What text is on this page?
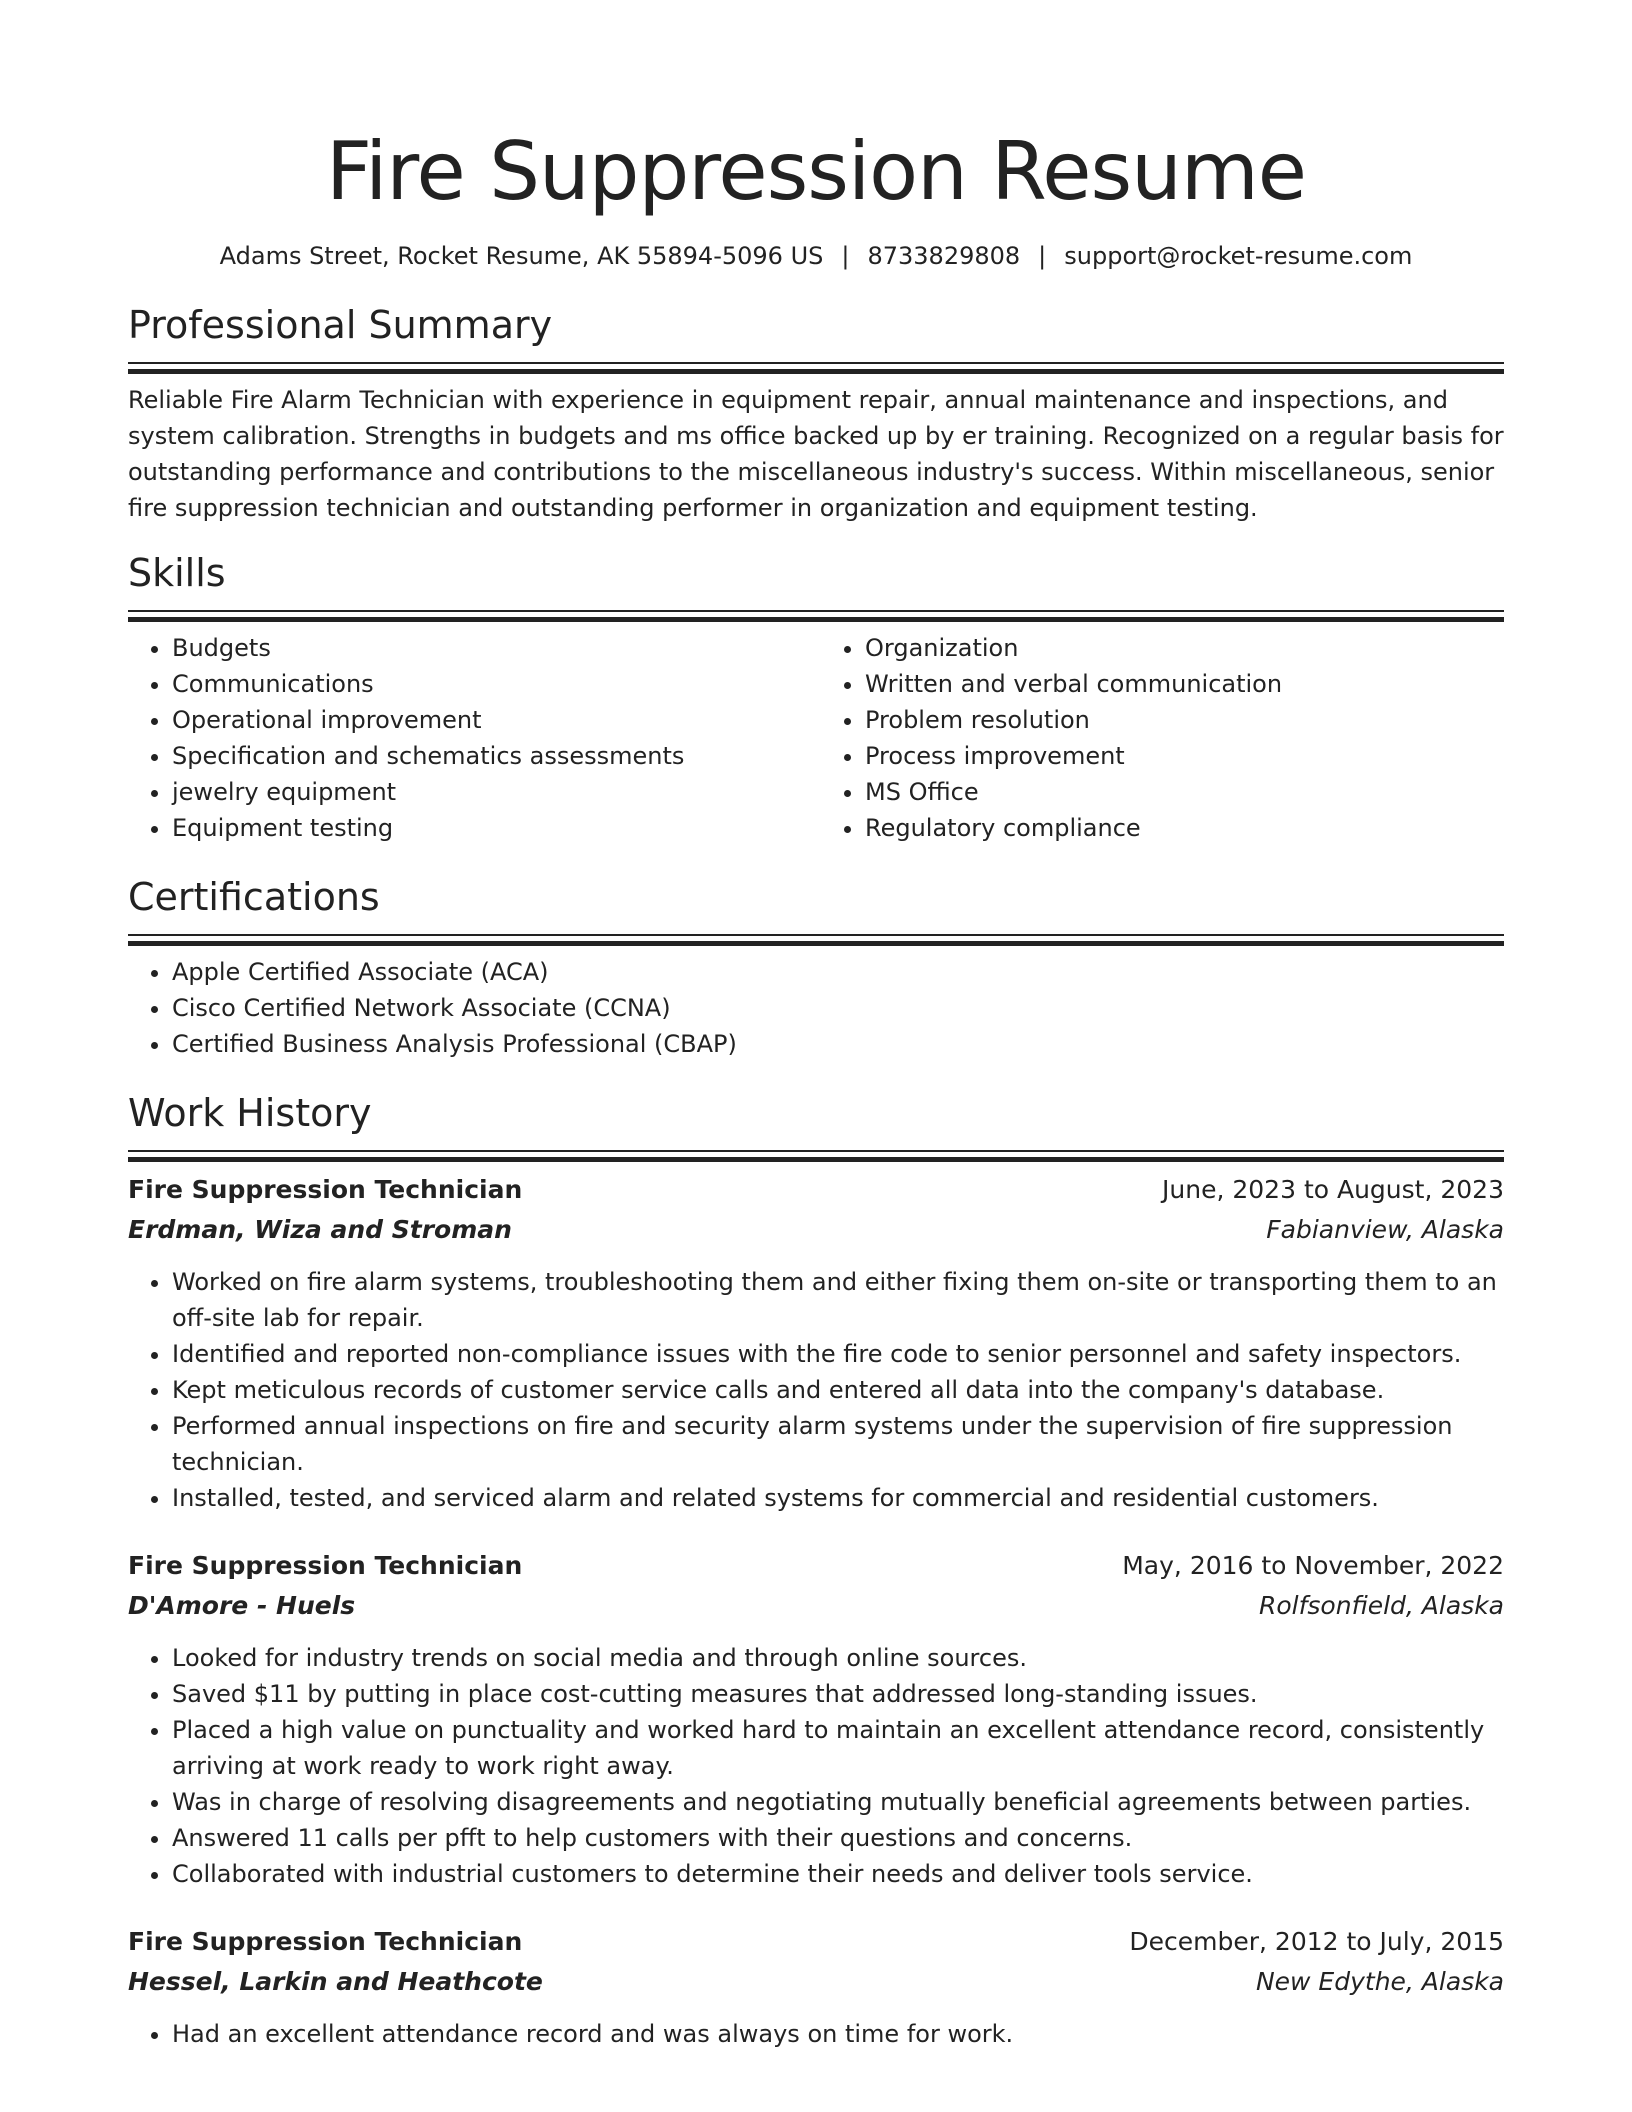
Fire Suppression Resume
Adams Street, Rocket Resume, AK 55894-5096 US | 8733829808 | support@rocket-resume.com
Professional Summary

Reliable Fire Alarm Technician with experience in equipment repair, annual maintenance and inspections, and system calibration. Strengths in budgets and ms office backed up by er training. Recognized on a regular basis for outstanding performance and contributions to the miscellaneous industry's success. Within miscellaneous, senior fire suppression technician and outstanding performer in organization and equipment testing.

Skills
• Budgets
• Communications
• Operational improvement
• Specification and schematics assessments
• jewelry equipment
• Equipment testing
• Organization
• Written and verbal communication
• Problem resolution
• Process improvement
• MS Office
• Regulatory compliance
Certifications
• Apple Certified Associate (ACA)
• Cisco Certified Network Associate (CCNA)
• Certified Business Analysis Professional (CBAP)
Work History
Fire Suppression Technician	June, 2023 to August, 2023
Erdman, Wiza and Stroman	Fabianview, Alaska
• Worked on fire alarm systems, troubleshooting them and either fixing them on-site or transporting them to an off-site lab for repair.
• Identified and reported non-compliance issues with the fire code to senior personnel and safety inspectors.
• Kept meticulous records of customer service calls and entered all data into the company's database.
• Performed annual inspections on fire and security alarm systems under the supervision of fire suppression technician.
• Installed, tested, and serviced alarm and related systems for commercial and residential customers.
Fire Suppression Technician	May, 2016 to November, 2022
D'Amore - Huels	Rolfsonfield, Alaska
• Looked for industry trends on social media and through online sources.
• Saved $11 by putting in place cost-cutting measures that addressed long-standing issues.
• Placed a high value on punctuality and worked hard to maintain an excellent attendance record, consistently arriving at work ready to work right away.
• Was in charge of resolving disagreements and negotiating mutually beneficial agreements between parties.
• Answered 11 calls per pfft to help customers with their questions and concerns.
• Collaborated with industrial customers to determine their needs and deliver tools service.
Fire Suppression Technician	December, 2012 to July, 2015
Hessel, Larkin and Heathcote	New Edythe, Alaska
• Had an excellent attendance record and was always on time for work.
